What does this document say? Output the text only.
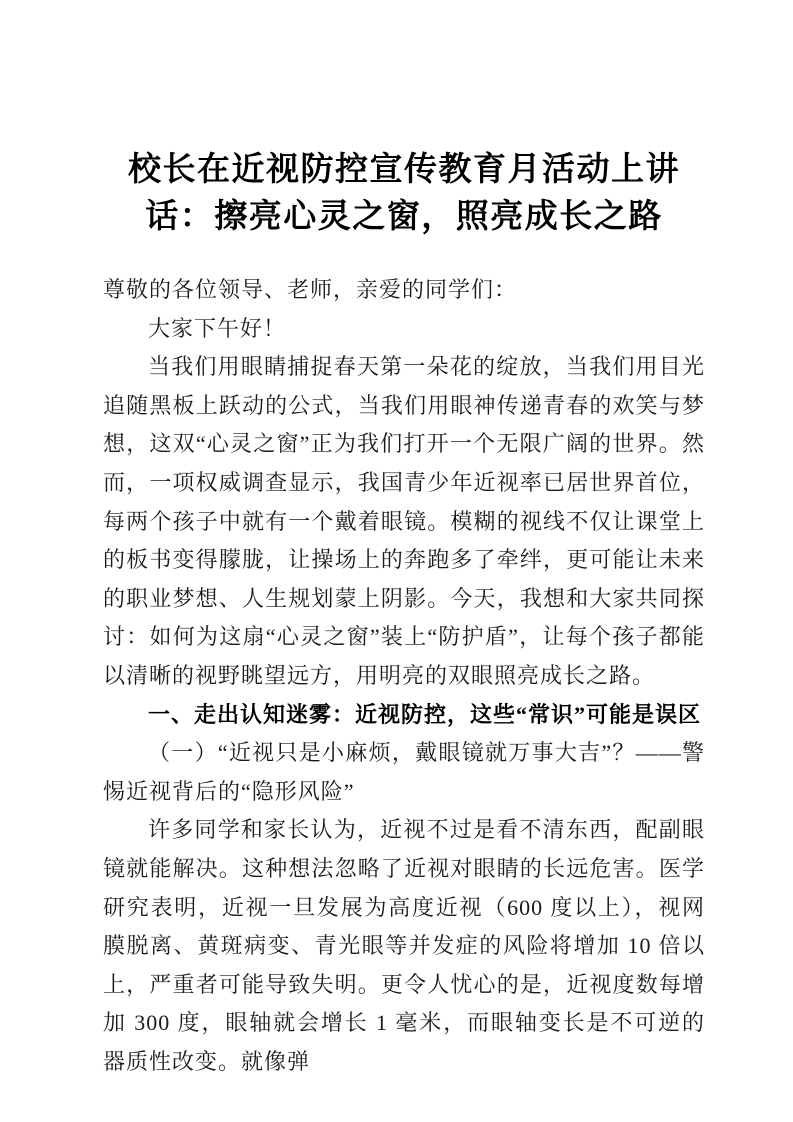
校长在近视防控宣传教育月活动上讲话：擦亮心灵之窗，照亮成长之路

尊敬的各位领导、老师，亲爱的同学们：

大家下午好！

当我们用眼睛捕捉春天第一朵花的绽放，当我们用目光追随黑板上跃动的公式，当我们用眼神传递青春的欢笑与梦想，这双“心灵之窗”正为我们打开一个无限广阔的世界。然而，一项权威调查显示，我国青少年近视率已居世界首位，每两个孩子中就有一个戴着眼镜。模糊的视线不仅让课堂上的板书变得朦胧，让操场上的奔跑多了牵绊，更可能让未来的职业梦想、人生规划蒙上阴影。今天，我想和大家共同探讨：如何为这扇“心灵之窗”装上“防护盾”，让每个孩子都能以清晰的视野眺望远方，用明亮的双眼照亮成长之路。

一、走出认知迷雾：近视防控，这些“常识”可能是误区

（一）“近视只是小麻烦，戴眼镜就万事大吉”？——警惕近视背后的“隐形风险”

许多同学和家长认为，近视不过是看不清东西，配副眼镜就能解决。这种想法忽略了近视对眼睛的长远危害。医学研究表明，近视一旦发展为高度近视（600 度以上），视网膜脱离、黄斑病变、青光眼等并发症的风险将增加 10 倍以上，严重者可能导致失明。更令人忧心的是，近视度数每增加 300 度，眼轴就会增长 1 毫米，而眼轴变长是不可逆的器质性改变。就像弹
